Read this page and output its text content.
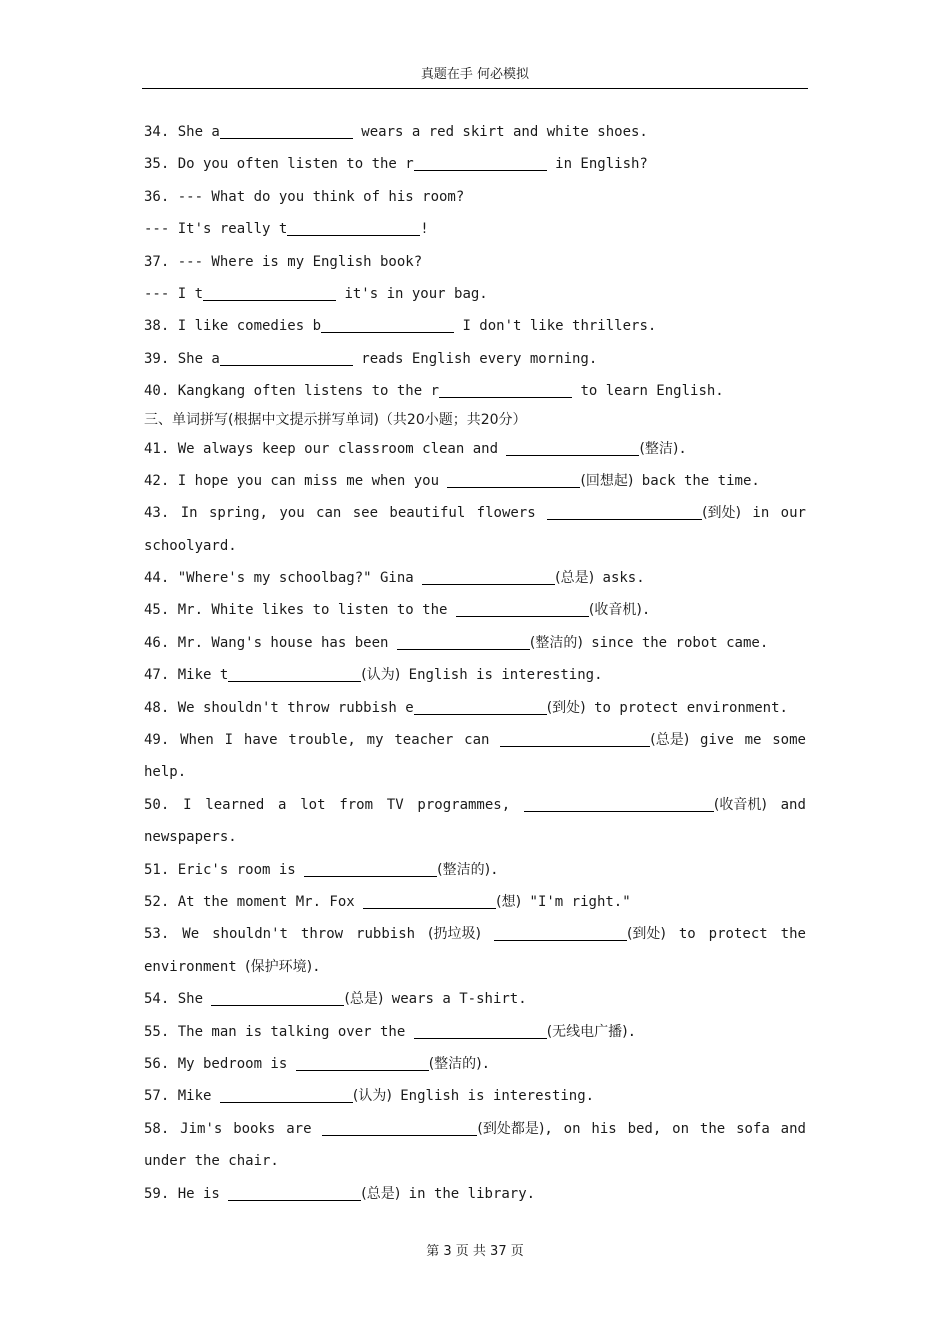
真题在手 何必模拟
34. She a	wears a red skirt and white shoes.
35. Do you often listen to the r	in English?
36. --- What do you think of his room?
--- It's really t	!
37. --- Where is my English book?
--- I t	it's in your bag.
38. I like comedies b	I don't like thrillers.
39. She a	reads English every morning.
40. Kangkang often listens to the r	to learn English.
三、单词拼写(根据中文提示拼写单词)（共20小题；共20分）
41. We always keep our classroom clean and	(整洁).
42. I hope you can miss me when you	(回想起) back the time.
43. In spring, you can see beautiful flowers	(到处) in our
schoolyard.
44. "Where's my schoolbag?" Gina	(总是) asks.
45. Mr. White likes to listen to the	(收音机).
46. Mr. Wang's house has been	(整洁的) since the robot came.
47. Mike t	(认为) English is interesting.
48. We shouldn't throw rubbish e	(到处) to protect environment.
49. When I have trouble, my teacher can	(总是) give me some
help.
50. I learned a lot from TV programmes,	(收音机) and
newspapers.
51. Eric's room is	(整洁的).
52. At the moment Mr. Fox	(想) "I'm right."
53. We shouldn't throw rubbish (扔垃圾)	(到处) to protect the
environment (保护环境).
54. She	(总是) wears a T-shirt.
55. The man is talking over the	(无线电广播).
56. My bedroom is	(整洁的).
57. Mike	(认为) English is interesting.
58. Jim's books are	(到处都是), on his bed, on the sofa and
under the chair.
59. He is	(总是) in the library.
第 3 页 共 37 页
